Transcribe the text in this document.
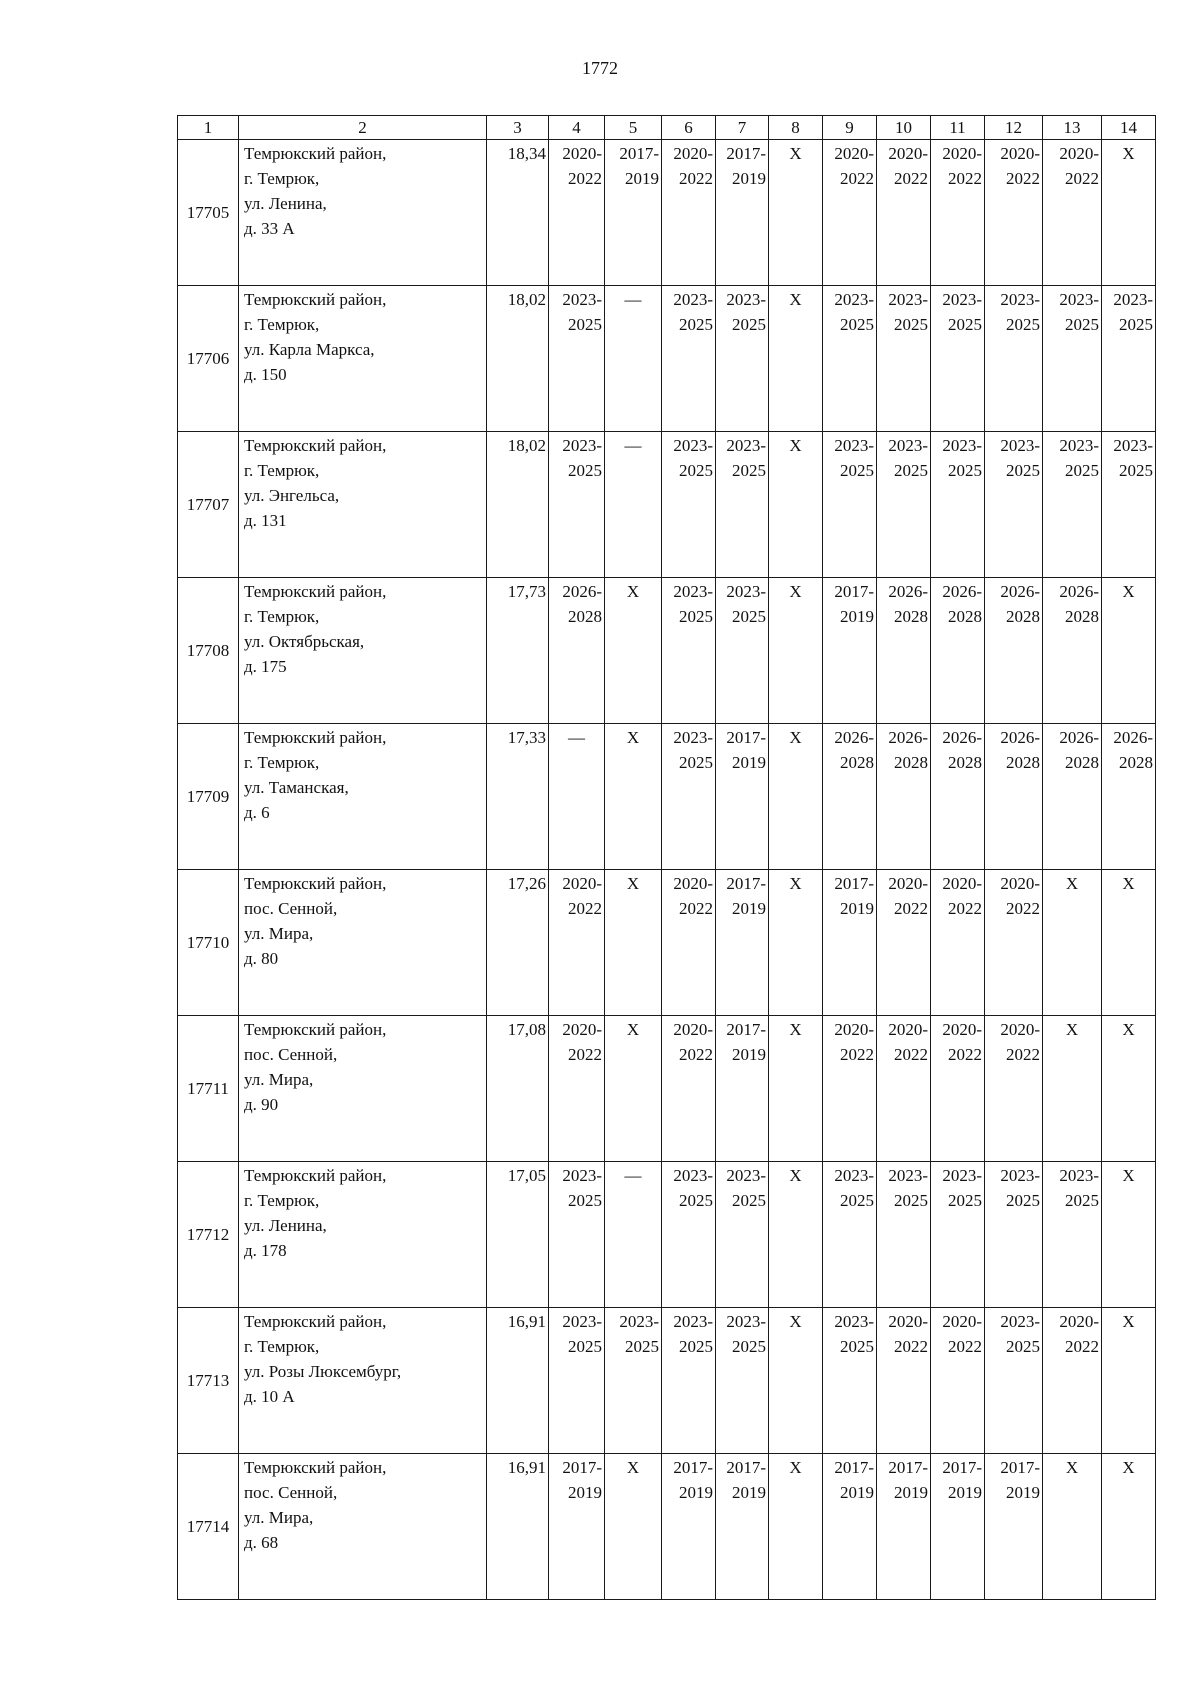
1772
1	2	3	4	5	6	7	8	9	10	11	12	13	14
17705	Темрюкский район,
г. Темрюк,
ул. Ленина,
д. 33 А	18,34	2020-
2022	2017-
2019	2020-
2022	2017-
2019	Х	2020-
2022	2020-
2022	2020-
2022	2020-
2022	2020-
2022	Х
17706	Темрюкский район,
г. Темрюк,
ул. Карла Маркса,
д. 150	18,02	2023-
2025	—	2023-
2025	2023-
2025	Х	2023-
2025	2023-
2025	2023-
2025	2023-
2025	2023-
2025	2023-
2025

17707	Темрюкский район,
г. Темрюк,
ул. Энгельса,
д. 131	18,02	2023-
2025	—	2023-
2025	2023-
2025	Х	2023-
2025	2023-
2025	2023-
2025	2023-
2025	2023-
2025	2023-
2025

17708	Темрюкский район,
г. Темрюк,
ул. Октябрьская,
д. 175	17,73	2026-
2028	Х	2023-
2025	2023-
2025	Х	2017-
2019	2026-
2028	2026-
2028	2026-
2028	2026-
2028	Х
17709	Темрюкский район,
г. Темрюк,
ул. Таманская,
д. 6	17,33	—	Х	2023-
2025	2017-
2019	Х	2026-
2028	2026-
2028	2026-
2028	2026-
2028	2026-
2028	2026-
2028

17710	Темрюкский район,
пос. Сенной,
ул. Мира,
д. 80	17,26	2020-
2022	Х	2020-
2022	2017-
2019	Х	2017-
2019	2020-
2022	2020-
2022	2020-
2022	Х	Х
17711	Темрюкский район,
пос. Сенной,
ул. Мира,
д. 90	17,08	2020-
2022	Х	2020-
2022	2017-
2019	Х	2020-
2022	2020-
2022	2020-
2022	2020-
2022	Х	Х
17712	Темрюкский район,
г. Темрюк,
ул. Ленина,
д. 178	17,05	2023-
2025	—	2023-
2025	2023-
2025	Х	2023-
2025	2023-
2025	2023-
2025	2023-
2025	2023-
2025	Х
17713	Темрюкский район,
г. Темрюк,
ул. Розы Люксембург,
д. 10 А	16,91	2023-
2025	2023-
2025	2023-
2025	2023-
2025	Х	2023-
2025	2020-
2022	2020-
2022	2023-
2025	2020-
2022	Х
17714	Темрюкский район,
пос. Сенной,
ул. Мира,
д. 68	16,91	2017-
2019	Х	2017-
2019	2017-
2019	Х	2017-
2019	2017-
2019	2017-
2019	2017-
2019	Х	Х
